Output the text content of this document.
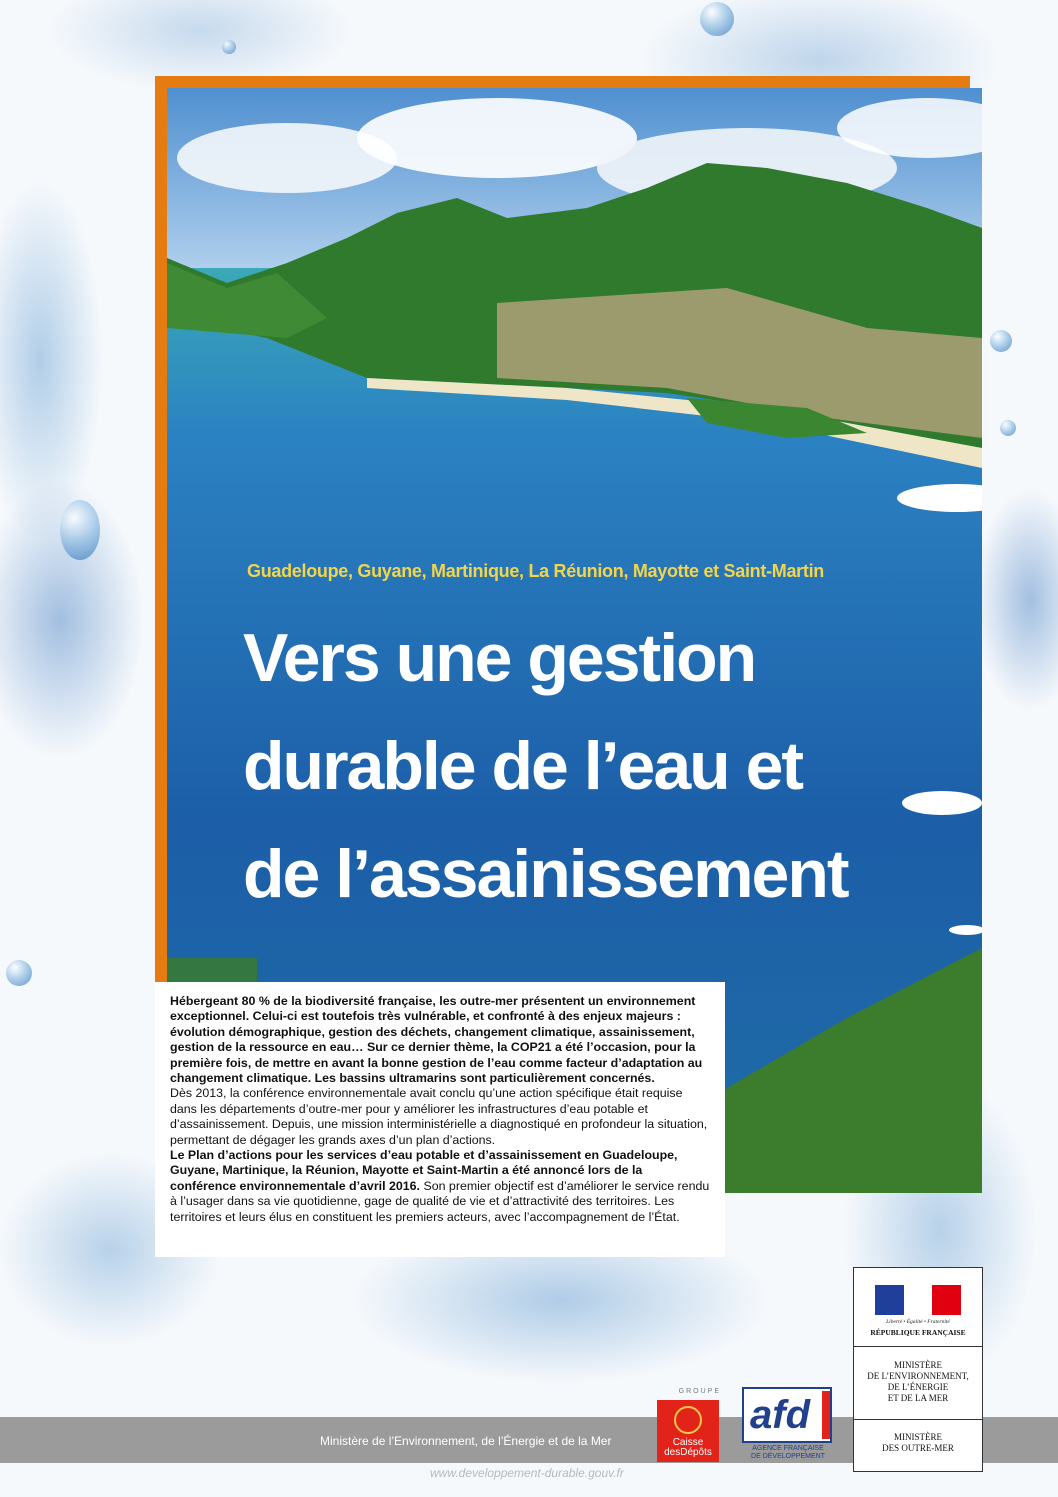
Guadeloupe, Guyane, Martinique, La Réunion, Mayotte et Saint-Martin
Vers une gestion
durable de l’eau et
de l’assainissement

Hébergeant 80 % de la biodiversité française, les outre-mer présentent un environnement exceptionnel. Celui-ci est toutefois très vulnérable, et confronté à des enjeux majeurs : évolution démographique, gestion des déchets, changement climatique, assainissement, gestion de la ressource en eau… Sur ce dernier thème, la COP21 a été l’occasion, pour la première fois, de mettre en avant la bonne gestion de l’eau comme facteur d’adaptation au changement climatique. Les bassins ultramarins sont particulièrement concernés.

Dès 2013, la conférence environnementale avait conclu qu’une action spécifique était requise dans les départements d’outre-mer pour y améliorer les infrastructures d’eau potable et d’assainissement. Depuis, une mission interministérielle a diagnostiqué en profondeur la situation, permettant de dégager les grands axes d’un plan d’actions.

Le Plan d’actions pour les services d’eau potable et d’assainissement en Guadeloupe, Guyane, Martinique, la Réunion, Mayotte et Saint-Martin a été annoncé lors de la conférence environnementale d’avril 2016. Son premier objectif est d’améliorer le service rendu à l’usager dans sa vie quotidienne, gage de qualité de vie et d’attractivité des territoires. Les territoires et leurs élus en constituent les premiers acteurs, avec l’accompagnement de l’État.

Ministère de l’Environnement, de l’Énergie et de la Mer
www.developpement-durable.gouv.fr
GROUPE
Caisse
desDépôts
afd
AGENCE FRANÇAISE
DE DÉVELOPPEMENT
Liberté • Égalité • Fraternité
RÉPUBLIQUE FRANÇAISE
MINISTÈRE
DE L’ENVIRONNEMENT,
DE L’ÉNERGIE
ET DE LA MER
MINISTÈRE
DES OUTRE-MER
